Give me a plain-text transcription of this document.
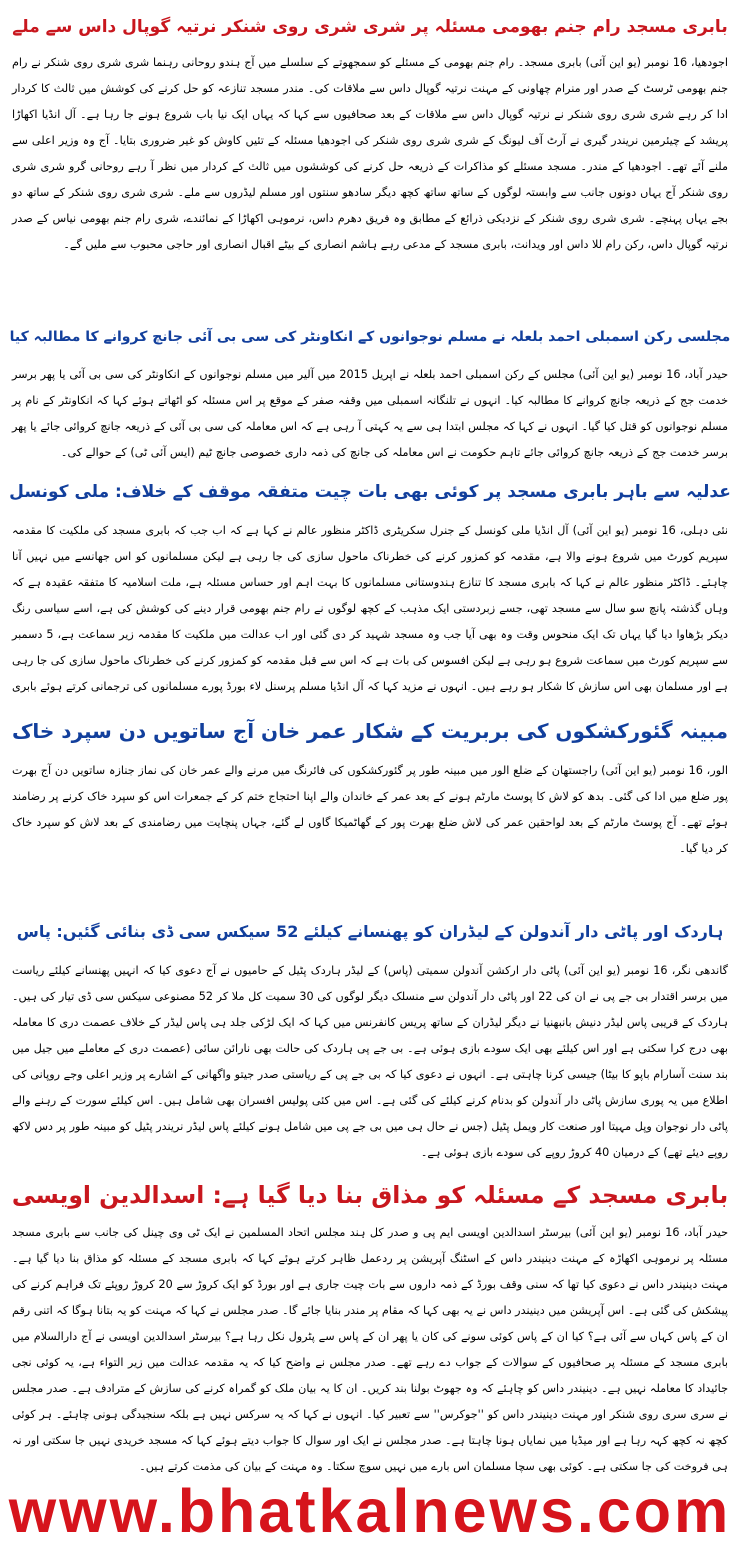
بابری مسجد رام جنم بھومی مسئلہ پر شری شری روی شنکر نرتیہ گوپال داس سے ملے

اجودھیا، 16 نومبر (یو این آئی) بابری مسجد۔ رام جنم بھومی کے مسئلے کو سمجھوتے کے سلسلے میں آج ہندو روحانی رہنما شری شری روی شنکر نے رام جنم بھومی ٹرسٹ کے صدر اور منرام چھاونی کے مہنت نرتیہ گوپال داس سے ملاقات کی۔ مندر مسجد تنازعہ کو حل کرنے کی کوشش میں ثالث کا کردار ادا کر رہے شری شری روی شنکر نے نرتیہ گوپال داس سے ملاقات کے بعد صحافیوں سے کہا کہ یہاں ایک نیا باب شروع ہونے جا رہا ہے۔ آل انڈیا اکھاڑا پریشد کے چیئرمین نریندر گیری نے آرٹ آف لیونگ کے شری شری روی شنکر کی اجودھیا مسئلہ کے تئیں کاوش کو غیر ضروری بتایا۔ آج وہ وزیر اعلی سے ملنے آئے تھے۔ اجودھیا کے مندر۔ مسجد مسئلے کو مذاکرات کے ذریعہ حل کرنے کی کوششوں میں ثالث کے کردار میں نظر آ رہے روحانی گرو شری شری روی شنکر آج یہاں دونوں جانب سے وابستہ لوگوں کے ساتھ ساتھ کچھ دیگر سادھو سنتوں اور مسلم لیڈروں سے ملے۔ شری شری روی شنکر کے ساتھ دو بجے یہاں پہنچے۔ شری شری روی شنکر کے نزدیکی ذرائع کے مطابق وہ فریق دھرم داس، نرموہی اکھاڑا کے نمائندے، شری رام جنم بھومی نیاس کے صدر نرتیہ گوپال داس، رکن رام للا داس اور ویدانت، بابری مسجد کے مدعی رہے ہاشم انصاری کے بیٹے اقبال انصاری اور حاجی محبوب سے ملیں گے۔

مجلسی رکن اسمبلی احمد بلعلہ نے مسلم نوجوانوں کے انکاونٹر کی سی بی آئی جانچ کروانے کا مطالبہ کیا

حیدر آباد، 16 نومبر (یو این آئی) مجلس کے رکن اسمبلی احمد بلعلہ نے اپریل 2015 میں آلیر میں مسلم نوجوانوں کے انکاونٹر کی سی بی آئی یا پھر برسر خدمت جج کے ذریعہ جانچ کروانے کا مطالبہ کیا۔ انہوں نے تلنگانہ اسمبلی میں وقفہ صفر کے موقع پر اس مسئلہ کو اٹھاتے ہوئے کہا کہ انکاونٹر کے نام پر مسلم نوجوانوں کو قتل کیا گیا۔ انہوں نے کہا کہ مجلس ابتدا ہی سے یہ کہتی آ رہی ہے کہ اس معاملہ کی سی بی آئی کے ذریعہ جانچ کروائی جائے یا پھر برسر خدمت جج کے ذریعہ جانچ کروائی جائے تاہم حکومت نے اس معاملہ کی جانچ کی ذمہ داری خصوصی جانچ ٹیم (ایس آئی ٹی) کے حوالے کی۔

عدلیہ سے باہر بابری مسجد پر کوئی بھی بات چیت متفقہ موقف کے خلاف: ملی کونسل

نئی دہلی، 16 نومبر (یو این آئی) آل انڈیا ملی کونسل کے جنرل سکریٹری ڈاکٹر منظور عالم نے کہا ہے کہ اب جب کہ بابری مسجد کی ملکیت کا مقدمہ سپریم کورٹ میں شروع ہونے والا ہے، مقدمہ کو کمزور کرنے کی خطرناک ماحول سازی کی جا رہی ہے لیکن مسلمانوں کو اس جھانسے میں نہیں آنا چاہئے۔ ڈاکٹر منظور عالم نے کہا کہ بابری مسجد کا تنازع ہندوستانی مسلمانوں کا بہت اہم اور حساس مسئلہ ہے، ملت اسلامیہ کا متفقہ عقیدہ ہے کہ وہاں گذشتہ پانچ سو سال سے مسجد تھی، جسے زبردستی ایک مذہب کے کچھ لوگوں نے رام جنم بھومی قرار دینے کی کوشش کی ہے، اسے سیاسی رنگ دیکر بڑھاوا دیا گیا یہاں تک ایک منحوس وقت وہ بھی آیا جب وہ مسجد شہید کر دی گئی اور اب عدالت میں ملکیت کا مقدمہ زیر سماعت ہے، 5 دسمبر سے سپریم کورٹ میں سماعت شروع ہو رہی ہے لیکن افسوس کی بات ہے کہ اس سے قبل مقدمہ کو کمزور کرنے کی خطرناک ماحول سازی کی جا رہی ہے اور مسلمان بھی اس سازش کا شکار ہو رہے ہیں۔ انہوں نے مزید کہا کہ آل انڈیا مسلم پرسنل لاء بورڈ پورے مسلمانوں کی ترجمانی کرتے ہوئے بابری

مبینہ گئورکشکوں کی بربریت کے شکار عمر خان آج ساتویں دن سپرد خاک

الور، 16 نومبر (یو این آئی) راجستھان کے ضلع الور میں مبینہ طور پر گئورکشکوں کی فائرنگ میں مرنے والے عمر خان کی نماز جنازہ ساتویں دن آج بھرت پور ضلع میں ادا کی گئی۔ بدھ کو لاش کا پوسٹ مارٹم ہونے کے بعد عمر کے خاندان والے اپنا احتجاج ختم کر کے جمعرات اس کو سپرد خاک کرنے پر رضامند ہوئے تھے۔ آج پوسٹ مارٹم کے بعد لواحقین عمر کی لاش ضلع بھرت پور کے گھاٹمیکا گاوں لے گئے، جہاں پنچایت میں رضامندی کے بعد لاش کو سپرد خاک کر دیا گیا۔

ہاردک اور پاٹی دار آندولن کے لیڈران کو پھنسانے کیلئے 52 سیکس سی ڈی بنائی گئیں: پاس

گاندھی نگر، 16 نومبر (یو این آئی) پاٹی دار ارکشن آندولن سمیتی (پاس) کے لیڈر ہاردک پٹیل کے حامیوں نے آج دعوی کیا کہ انہیں پھنسانے کیلئے ریاست میں برسر اقتدار بی جے پی نے ان کی 22 اور پاٹی دار آندولن سے منسلک دیگر لوگوں کی 30 سمیت کل ملا کر 52 مصنوعی سیکس سی ڈی تیار کی ہیں۔ ہاردک کے قریبی پاس لیڈر دنیش بانبھنیا نے دیگر لیڈران کے ساتھ پریس کانفرنس میں کہا کہ ایک لڑکی جلد ہی پاس لیڈر کے خلاف عصمت دری کا معاملہ بھی درج کرا سکتی ہے اور اس کیلئے بھی ایک سودے بازی ہوئی ہے۔ بی جے پی ہاردک کی حالت بھی نارائن سائی (عصمت دری کے معاملے میں جیل میں بند سنت آسارام باپو کا بیٹا) جیسی کرنا چاہتی ہے۔ انہوں نے دعوی کیا کہ بی جے پی کے ریاستی صدر جیتو واگھانی کے اشارے پر وزیر اعلی وجے روپانی کی اطلاع میں یہ پوری سازش پاٹی دار آندولن کو بدنام کرنے کیلئے کی گئی ہے۔ اس میں کئی پولیس افسران بھی شامل ہیں۔ اس کیلئے سورت کے رہنے والے پاٹی دار نوجوان وپل مہیتا اور صنعت کار ویمل پٹیل (جس نے حال ہی میں بی جے پی میں شامل ہونے کیلئے پاس لیڈر نریندر پٹیل کو مبینہ طور پر دس لاکھ روپے دیئے تھے) کے درمیان 40 کروڑ روپے کی سودے بازی ہوئی ہے۔

بابری مسجد کے مسئلہ کو مذاق بنا دیا گیا ہے: اسدالدین اویسی

حیدر آباد، 16 نومبر (یو این آئی) بیرسٹر اسدالدین اویسی ایم پی و صدر کل ہند مجلس اتحاد المسلمین نے ایک ٹی وی چینل کی جانب سے بابری مسجد مسئلہ پر نرموہی اکھاڑہ کے مہنت دینیندر داس کے اسٹنگ آپریشن پر ردعمل ظاہر کرتے ہوئے کہا کہ بابری مسجد کے مسئلہ کو مذاق بنا دیا گیا ہے۔ مہنت دینیندر داس نے دعوی کیا تھا کہ سنی وقف بورڈ کے ذمہ داروں سے بات چیت جاری ہے اور بورڈ کو ایک کروڑ سے 20 کروڑ روپئے تک فراہم کرنے کی پیشکش کی گئی ہے۔ اس آپریشن میں دینیندر داس نے یہ بھی کہا کہ مقام پر مندر بنایا جائے گا۔ صدر مجلس نے کہا کہ مہنت کو یہ بتانا ہوگا کہ اتنی رقم ان کے پاس کہاں سے آئی ہے؟ کیا ان کے پاس کوئی سونے کی کان یا پھر ان کے پاس سے پٹرول نکل رہا ہے؟ بیرسٹر اسدالدین اویسی نے آج دارالسلام میں بابری مسجد کے مسئلہ پر صحافیوں کے سوالات کے جواب دے رہے تھے۔ صدر مجلس نے واضح کیا کہ یہ مقدمہ عدالت میں زیر التواء ہے، یہ کوئی نجی جائیداد کا معاملہ نہیں ہے۔ دینیندر داس کو چاہئے کہ وہ جھوٹ بولنا بند کریں۔ ان کا یہ بیان ملک کو گمراہ کرنے کی سازش کے مترادف ہے۔ صدر مجلس نے سری سری روی شنکر اور مہنت دینیندر داس کو ''جوکرس'' سے تعبیر کیا۔ انہوں نے کہا کہ یہ سرکس نہیں ہے بلکہ سنجیدگی ہونی چاہئے۔ ہر کوئی کچھ نہ کچھ کہہ رہا ہے اور میڈیا میں نمایاں ہونا چاہتا ہے۔ صدر مجلس نے ایک اور سوال کا جواب دیتے ہوئے کہا کہ مسجد خریدی نہیں جا سکتی اور نہ ہی فروخت کی جا سکتی ہے۔ کوئی بھی سچا مسلمان اس بارے میں نہیں سوچ سکتا۔ وہ مہنت کے بیان کی مذمت کرتے ہیں۔

www.bhatkalnews.com
